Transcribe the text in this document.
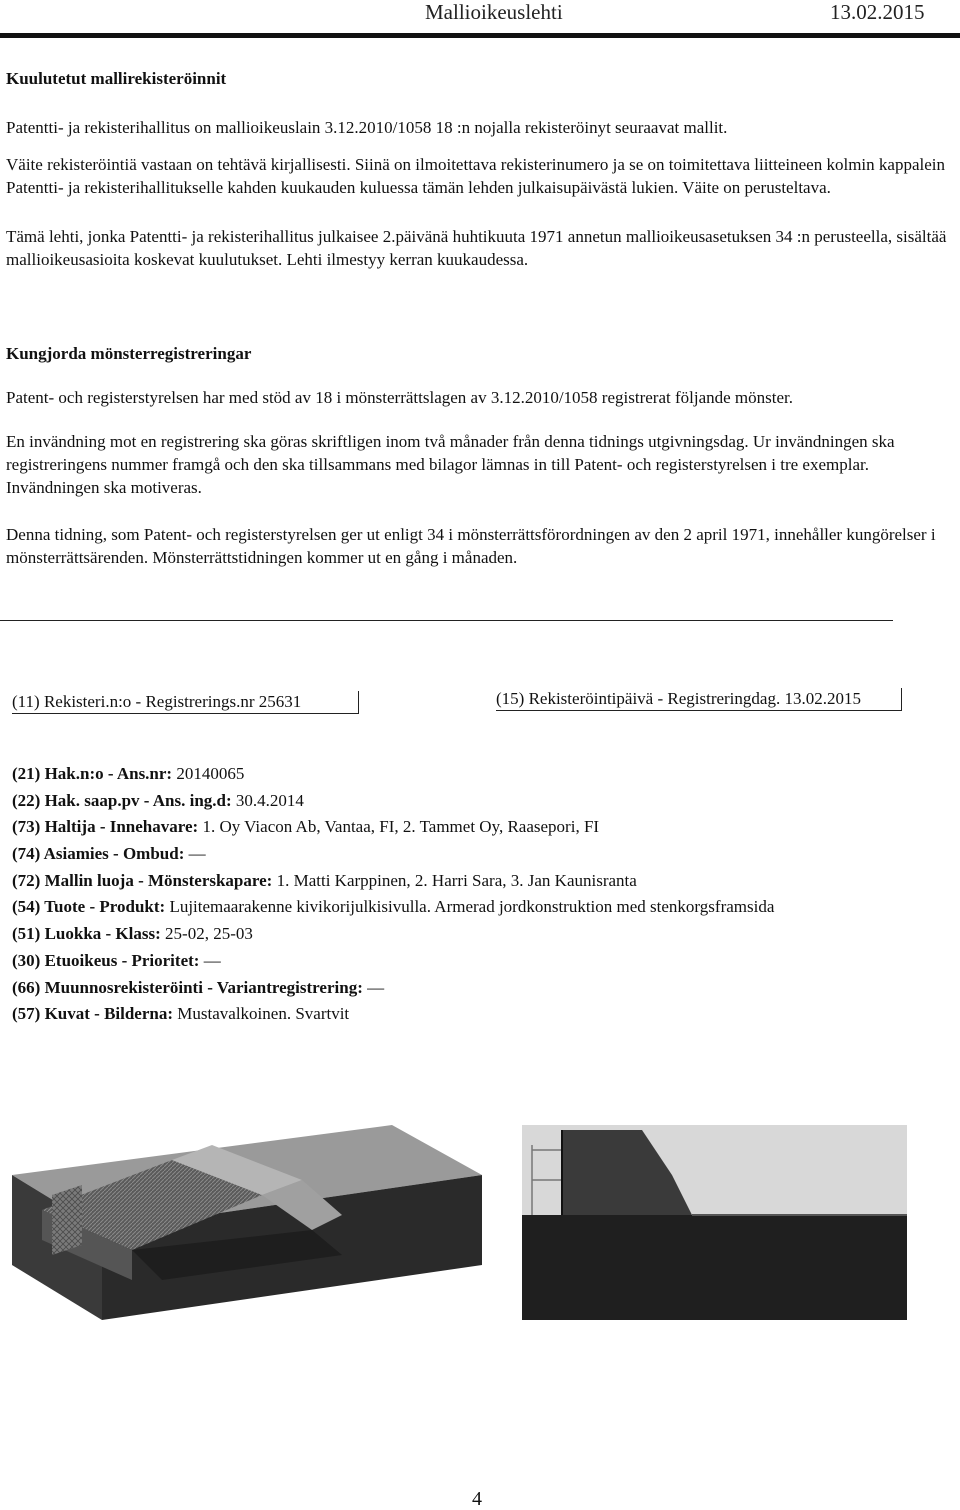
Mallioikeuslehti	13.02.2015

Kuulutetut mallirekisteröinnit

Patentti- ja rekisterihallitus on mallioikeuslain 3.12.2010/1058 18 :n nojalla rekisteröinyt seuraavat mallit.

Väite rekisteröintiä vastaan on tehtävä kirjallisesti. Siinä on ilmoitettava rekisterinumero ja se on toimitettava liitteineen kolmin kappalein Patentti- ja rekisterihallitukselle kahden kuukauden kuluessa tämän lehden julkaisupäivästä lukien. Väite on perusteltava.

Tämä lehti, jonka Patentti- ja rekisterihallitus julkaisee 2.päivänä huhtikuuta 1971 annetun mallioikeusasetuksen 34 :n perusteella, sisältää mallioikeusasioita koskevat kuulutukset. Lehti ilmestyy kerran kuukaudessa.

Kungjorda mönsterregistreringar

Patent- och registerstyrelsen har med stöd av 18 i mönsterrättslagen av 3.12.2010/1058 registrerat följande mönster.

En invändning mot en registrering ska göras skriftligen inom två månader från denna tidnings utgivningsdag. Ur invändningen ska registreringens nummer framgå och den ska tillsammans med bilagor lämnas in till Patent- och registerstyrelsen i tre exemplar. Invändningen ska motiveras.

Denna tidning, som Patent- och registerstyrelsen ger ut enligt 34 i mönsterrättsförordningen av den 2 april 1971, innehåller kungörelser i mönsterrättsärenden. Mönsterrättstidningen kommer ut en gång i månaden.

(11) Rekisteri.n:o - Registrerings.nr 25631	(15) Rekisteröintipäivä - Registreringdag. 13.02.2015
(21) Hak.n:o - Ans.nr: 20140065
(22) Hak. saap.pv - Ans. ing.d: 30.4.2014
(73) Haltija - Innehavare: 1. Oy Viacon Ab, Vantaa, FI, 2. Tammet Oy, Raasepori, FI
(74) Asiamies - Ombud: —
(72) Mallin luoja - Mönsterskapare: 1. Matti Karppinen, 2. Harri Sara, 3. Jan Kaunisranta
(54) Tuote - Produkt: Lujitemaarakenne kivikorijulkisivulla. Armerad jordkonstruktion med stenkorgsframsida
(51) Luokka - Klass: 25-02, 25-03
(30) Etuoikeus - Prioritet: —
(66) Muunnosrekisteröinti - Variantregistrering: —
(57) Kuvat - Bilderna: Mustavalkoinen. Svartvit
4
